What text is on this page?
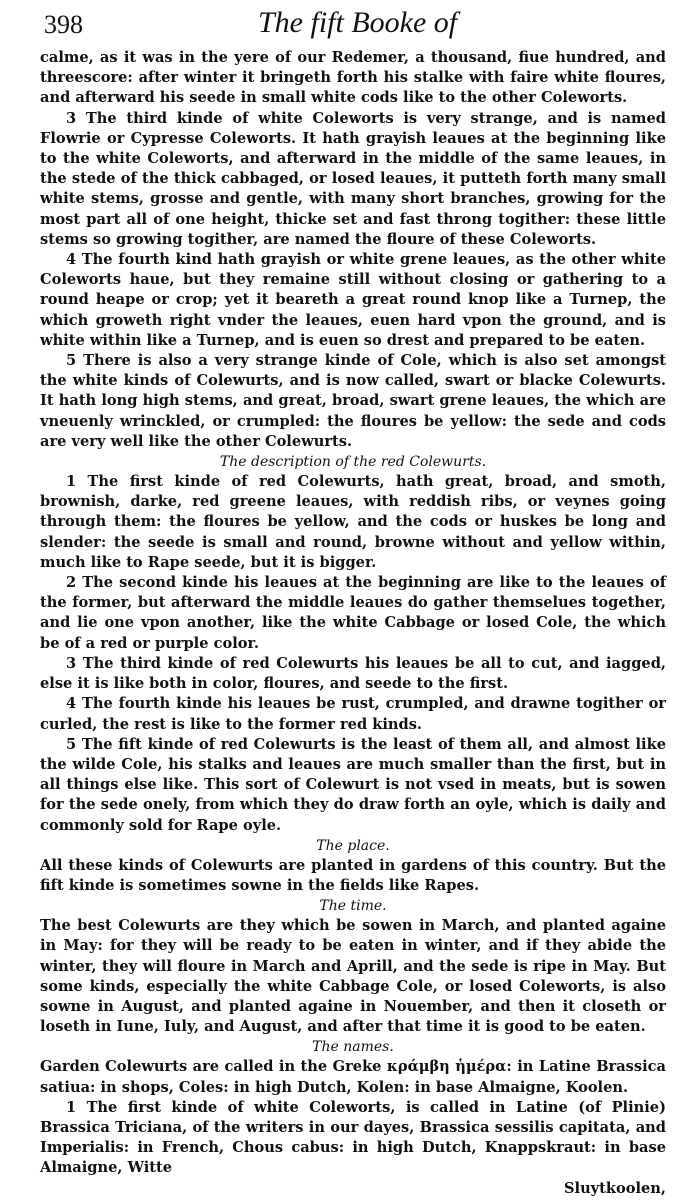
398	The fift Booke of

calme, as it was in the yere of our Redemer, a thousand, fiue hundred, and threescore: after winter it bringeth forth his stalke with faire white floures, and afterward his seede in small white cods like to the other Coleworts.

3 The third kinde of white Coleworts is very strange, and is named Flowrie or Cypresse Coleworts. It hath grayish leaues at the beginning like to the white Coleworts, and afterward in the middle of the same leaues, in the stede of the thick cabbaged, or losed leaues, it putteth forth many small white stems, grosse and gentle, with many short branches, growing for the most part all of one height, thicke set and fast throng togither: these little stems so growing togither, are named the floure of these Coleworts.

4 The fourth kind hath grayish or white grene leaues, as the other white Coleworts haue, but they remaine still without closing or gathering to a round heape or crop; yet it beareth a great round knop like a Turnep, the which groweth right vnder the leaues, euen hard vpon the ground, and is white within like a Turnep, and is euen so drest and prepared to be eaten.

5 There is also a very strange kinde of Cole, which is also set amongst the white kinds of Colewurts, and is now called, swart or blacke Colewurts. It hath long high stems, and great, broad, swart grene leaues, the which are vneuenly wrinckled, or crumpled: the floures be yellow: the sede and cods are very well like the other Colewurts.

The description of the red Colewurts.

1 The first kinde of red Colewurts, hath great, broad, and smoth, brownish, darke, red greene leaues, with reddish ribs, or veynes going through them: the floures be yellow, and the cods or huskes be long and slender: the seede is small and round, browne without and yellow within, much like to Rape seede, but it is bigger.

2 The second kinde his leaues at the beginning are like to the leaues of the former, but afterward the middle leaues do gather themselues together, and lie one vpon another, like the white Cabbage or losed Cole, the which be of a red or purple color.

3 The third kinde of red Colewurts his leaues be all to cut, and iagged, else it is like both in color, floures, and seede to the first.

4 The fourth kinde his leaues be rust, crumpled, and drawne togither or curled, the rest is like to the former red kinds.

5 The fift kinde of red Colewurts is the least of them all, and almost like the wilde Cole, his stalks and leaues are much smaller than the first, but in all things else like. This sort of Colewurt is not vsed in meats, but is sowen for the sede onely, from which they do draw forth an oyle, which is daily and commonly sold for Rape oyle.

The place.

All these kinds of Colewurts are planted in gardens of this country. But the fift kinde is sometimes sowne in the fields like Rapes.

The time.

The best Colewurts are they which be sowen in March, and planted againe in May: for they will be ready to be eaten in winter, and if they abide the winter, they will floure in March and Aprill, and the sede is ripe in May. But some kinds, especially the white Cabbage Cole, or losed Coleworts, is also sowne in August, and planted againe in Nouember, and then it closeth or loseth in Iune, Iuly, and August, and after that time it is good to be eaten.

The names.

Garden Colewurts are called in the Greke κράμβη ἡμέρα: in Latine Brassica satiua: in shops, Coles: in high Dutch, Kolen: in base Almaigne, Koolen.

1 The first kinde of white Coleworts, is called in Latine (of Plinie) Brassica Triciana, of the writers in our dayes, Brassica sessilis capitata, and Imperialis: in French, Chous cabus: in high Dutch, Knappskraut: in base Almaigne, Witte

Sluytkoolen,
